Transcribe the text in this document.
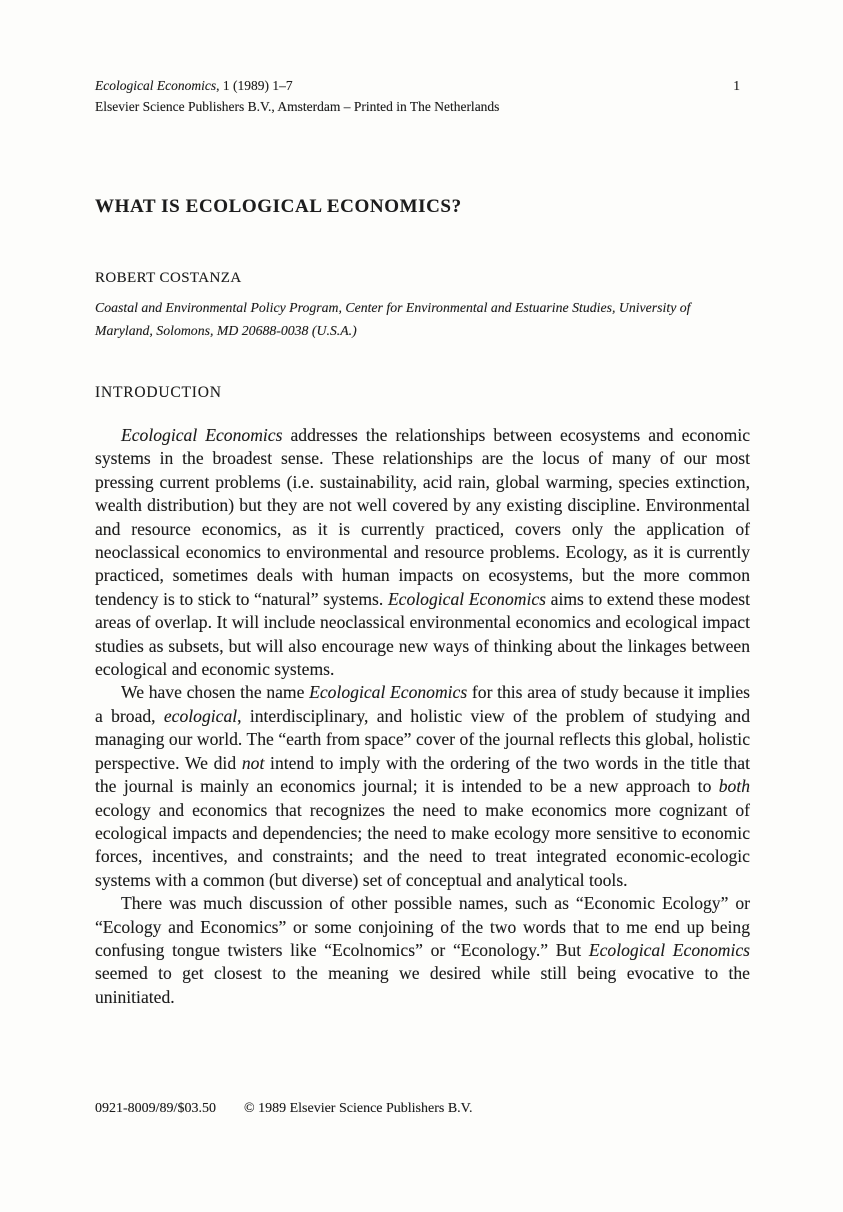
Ecological Economics, 1 (1989) 1–7	1
Elsevier Science Publishers B.V., Amsterdam – Printed in The Netherlands
WHAT IS ECOLOGICAL ECONOMICS?
ROBERT COSTANZA
Coastal and Environmental Policy Program, Center for Environmental and Estuarine Studies, University of Maryland, Solomons, MD 20688-0038 (U.S.A.)
INTRODUCTION

Ecological Economics addresses the relationships between ecosystems and economic systems in the broadest sense. These relationships are the locus of many of our most pressing current problems (i.e. sustainability, acid rain, global warming, species extinction, wealth distribution) but they are not well covered by any existing discipline. Environmental and resource economics, as it is currently practiced, covers only the application of neoclassical economics to environmental and resource problems. Ecology, as it is currently practiced, sometimes deals with human impacts on ecosystems, but the more common tendency is to stick to “natural” systems. Ecological Economics aims to extend these modest areas of overlap. It will include neoclassical environmental economics and ecological impact studies as subsets, but will also encourage new ways of thinking about the linkages between ecological and economic systems.

We have chosen the name Ecological Economics for this area of study because it implies a broad, ecological, interdisciplinary, and holistic view of the problem of studying and managing our world. The “earth from space” cover of the journal reflects this global, holistic perspective. We did not intend to imply with the ordering of the two words in the title that the journal is mainly an economics journal; it is intended to be a new approach to both ecology and economics that recognizes the need to make economics more cognizant of ecological impacts and dependencies; the need to make ecology more sensitive to economic forces, incentives, and constraints; and the need to treat integrated economic-ecologic systems with a common (but diverse) set of conceptual and analytical tools.

There was much discussion of other possible names, such as “Economic Ecology” or “Ecology and Economics” or some conjoining of the two words that to me end up being confusing tongue twisters like “Ecolnomics” or “Econology.” But Ecological Economics seemed to get closest to the meaning we desired while still being evocative to the uninitiated.

0921-8009/89/$03.50 © 1989 Elsevier Science Publishers B.V.
